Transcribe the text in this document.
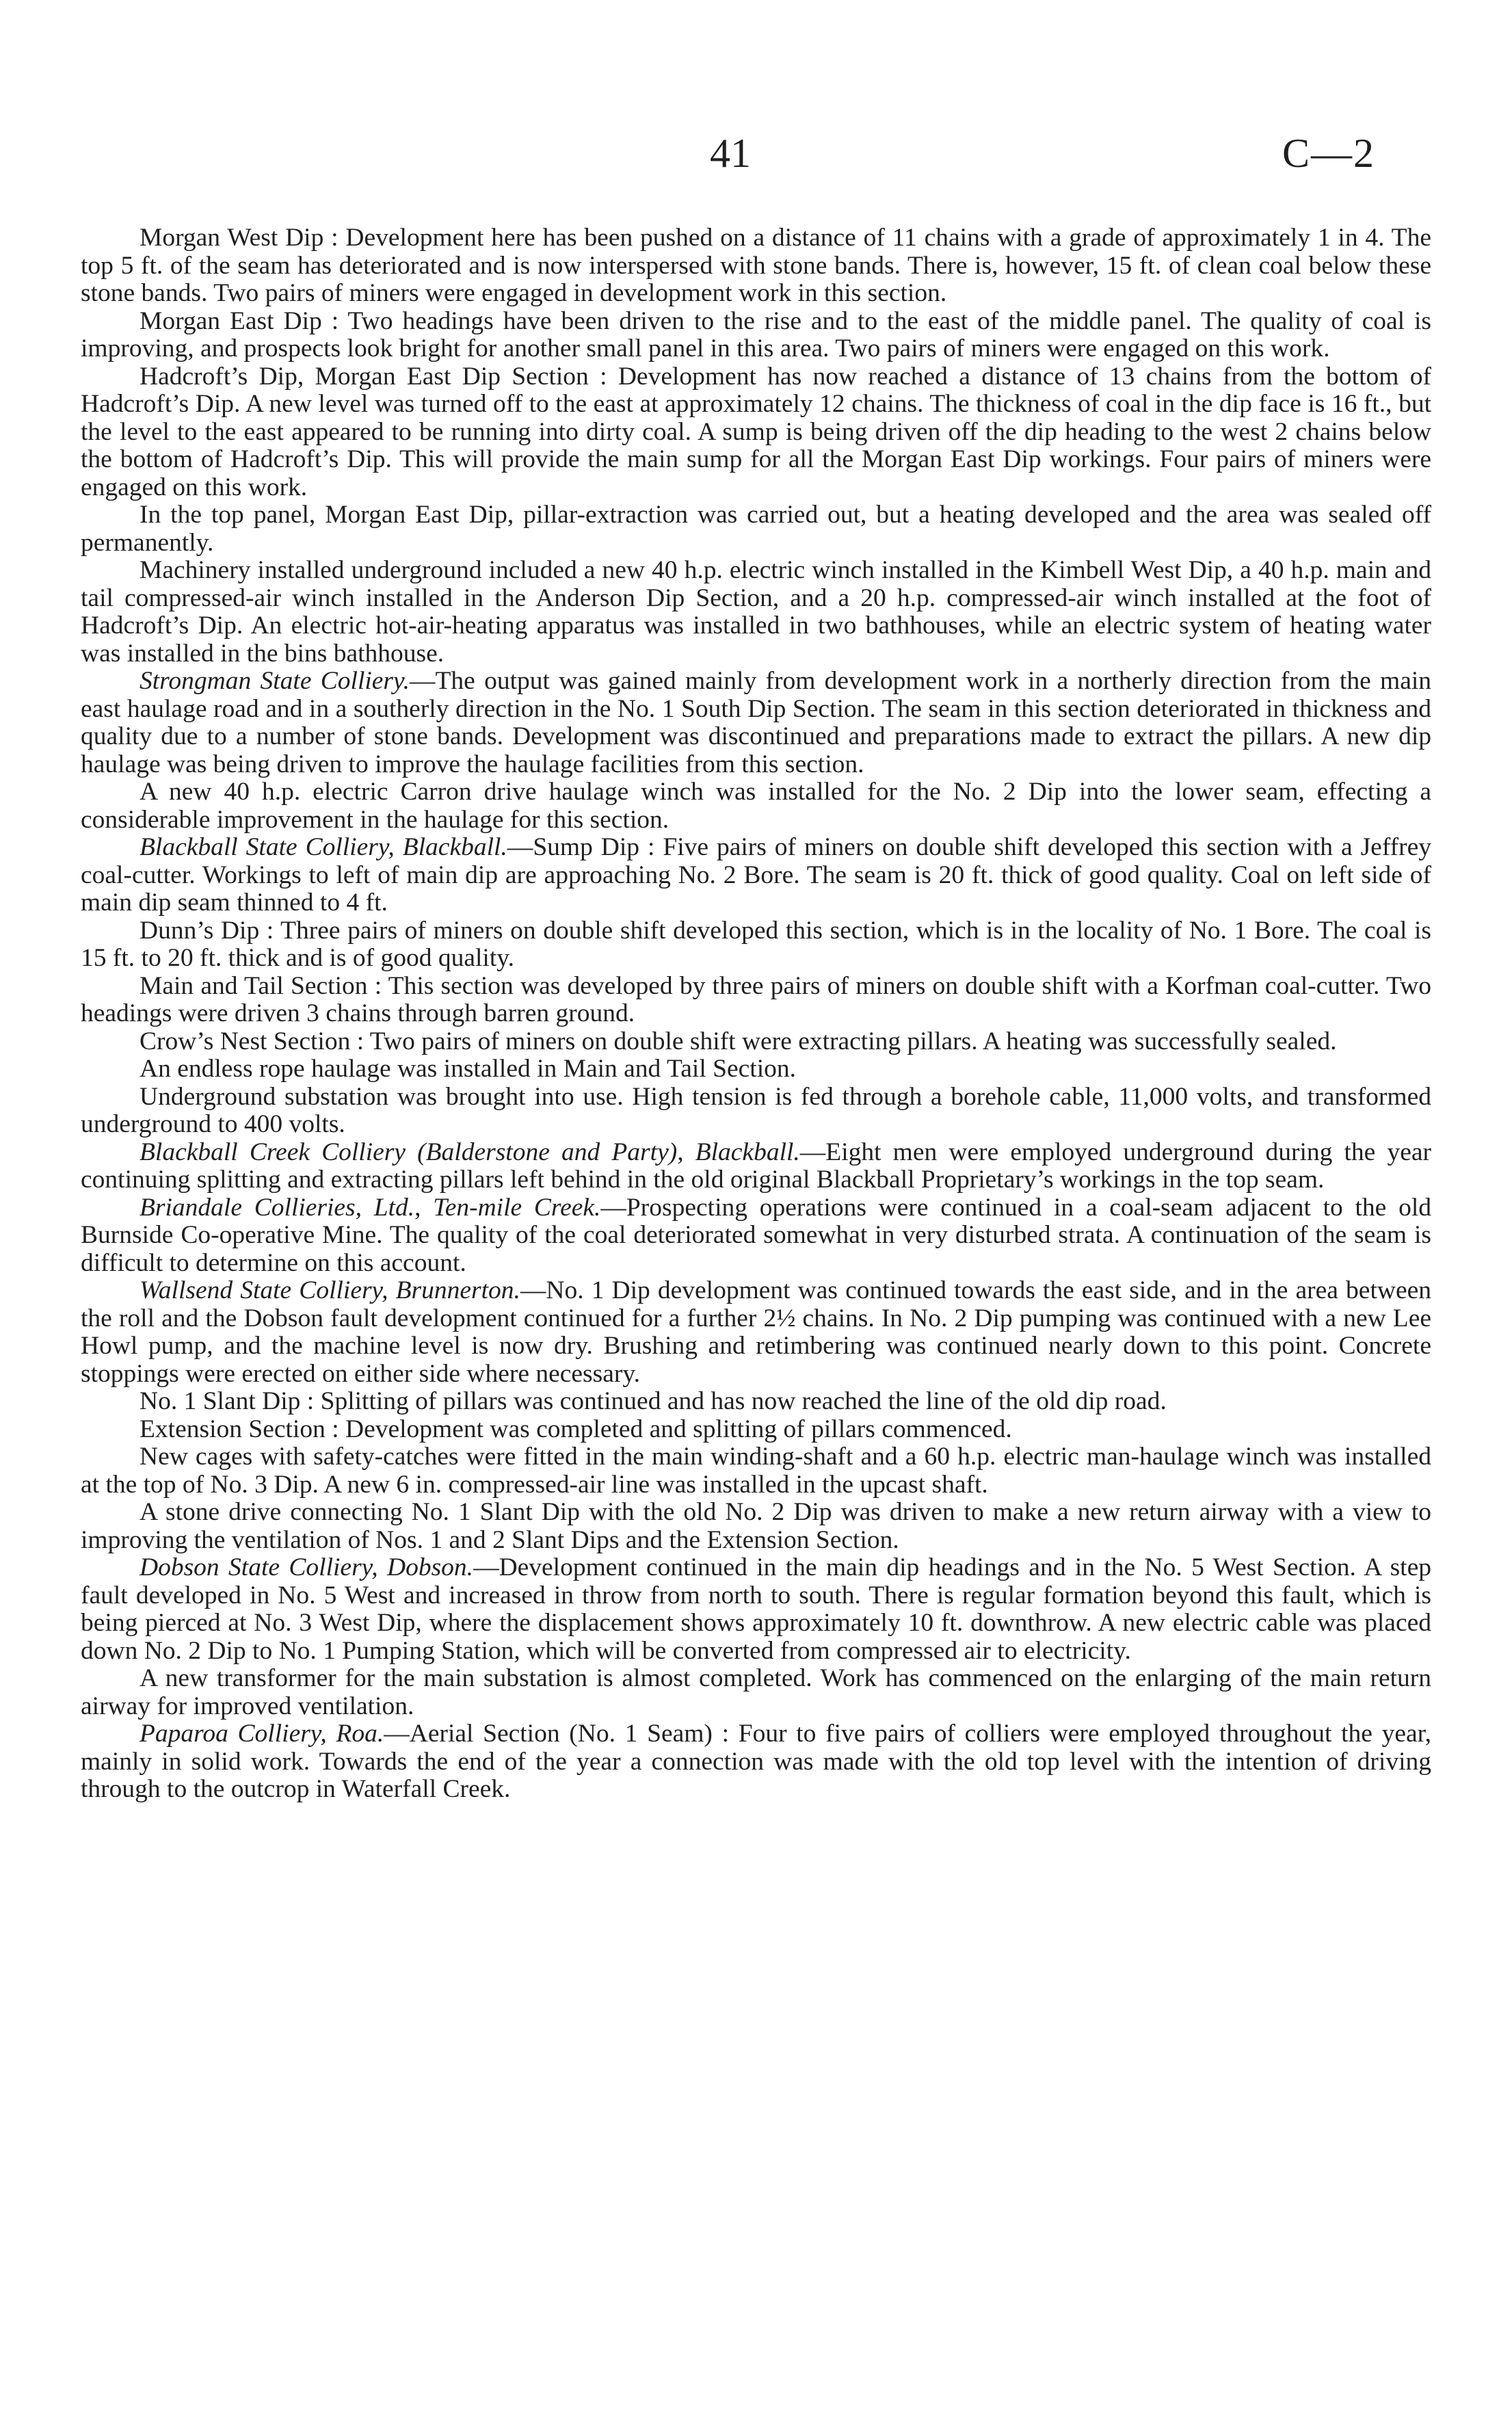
41	C—2

Morgan West Dip : Development here has been pushed on a distance of 11 chains with a grade of approximately 1 in 4. The top 5 ft. of the seam has deteriorated and is now interspersed with stone bands. There is, however, 15 ft. of clean coal below these stone bands. Two pairs of miners were engaged in development work in this section.

Morgan East Dip : Two headings have been driven to the rise and to the east of the middle panel. The quality of coal is improving, and prospects look bright for another small panel in this area. Two pairs of miners were engaged on this work.

Hadcroft’s Dip, Morgan East Dip Section : Development has now reached a distance of 13 chains from the bottom of Hadcroft’s Dip. A new level was turned off to the east at approximately 12 chains. The thickness of coal in the dip face is 16 ft., but the level to the east appeared to be running into dirty coal. A sump is being driven off the dip heading to the west 2 chains below the bottom of Hadcroft’s Dip. This will provide the main sump for all the Morgan East Dip workings. Four pairs of miners were engaged on this work.

In the top panel, Morgan East Dip, pillar-extraction was carried out, but a heating developed and the area was sealed off permanently.

Machinery installed underground included a new 40 h.p. electric winch installed in the Kimbell West Dip, a 40 h.p. main and tail compressed-air winch installed in the Anderson Dip Section, and a 20 h.p. compressed-air winch installed at the foot of Hadcroft’s Dip. An electric hot-air-heating apparatus was installed in two bathhouses, while an electric system of heating water was installed in the bins bathhouse.

Strongman State Colliery.—The output was gained mainly from development work in a northerly direction from the main east haulage road and in a southerly direction in the No. 1 South Dip Section. The seam in this section deteriorated in thickness and quality due to a number of stone bands. Development was discontinued and preparations made to extract the pillars. A new dip haulage was being driven to improve the haulage facilities from this section.

A new 40 h.p. electric Carron drive haulage winch was installed for the No. 2 Dip into the lower seam, effecting a considerable improvement in the haulage for this section.

Blackball State Colliery, Blackball.—Sump Dip : Five pairs of miners on double shift developed this section with a Jeffrey coal-cutter. Workings to left of main dip are approaching No. 2 Bore. The seam is 20 ft. thick of good quality. Coal on left side of main dip seam thinned to 4 ft.

Dunn’s Dip : Three pairs of miners on double shift developed this section, which is in the locality of No. 1 Bore. The coal is 15 ft. to 20 ft. thick and is of good quality.

Main and Tail Section : This section was developed by three pairs of miners on double shift with a Korfman coal-cutter. Two headings were driven 3 chains through barren ground.

Crow’s Nest Section : Two pairs of miners on double shift were extracting pillars. A heating was successfully sealed.

An endless rope haulage was installed in Main and Tail Section.

Underground substation was brought into use. High tension is fed through a borehole cable, 11,000 volts, and transformed underground to 400 volts.

Blackball Creek Colliery (Balderstone and Party), Blackball.—Eight men were employed underground during the year continuing splitting and extracting pillars left behind in the old original Blackball Proprietary’s workings in the top seam.

Briandale Collieries, Ltd., Ten-mile Creek.—Prospecting operations were continued in a coal-seam adjacent to the old Burnside Co-operative Mine. The quality of the coal deteriorated somewhat in very disturbed strata. A continuation of the seam is difficult to determine on this account.

Wallsend State Colliery, Brunnerton.—No. 1 Dip development was continued towards the east side, and in the area between the roll and the Dobson fault development continued for a further 2½ chains. In No. 2 Dip pumping was continued with a new Lee Howl pump, and the machine level is now dry. Brushing and retimbering was continued nearly down to this point. Concrete stoppings were erected on either side where necessary.

No. 1 Slant Dip : Splitting of pillars was continued and has now reached the line of the old dip road.

Extension Section : Development was completed and splitting of pillars commenced.

New cages with safety-catches were fitted in the main winding-shaft and a 60 h.p. electric man-haulage winch was installed at the top of No. 3 Dip. A new 6 in. compressed-air line was installed in the upcast shaft.

A stone drive connecting No. 1 Slant Dip with the old No. 2 Dip was driven to make a new return airway with a view to improving the ventilation of Nos. 1 and 2 Slant Dips and the Extension Section.

Dobson State Colliery, Dobson.—Development continued in the main dip headings and in the No. 5 West Section. A step fault developed in No. 5 West and increased in throw from north to south. There is regular formation beyond this fault, which is being pierced at No. 3 West Dip, where the displacement shows approximately 10 ft. downthrow. A new electric cable was placed down No. 2 Dip to No. 1 Pumping Station, which will be converted from compressed air to electricity.

A new transformer for the main substation is almost completed. Work has commenced on the enlarging of the main return airway for improved ventilation.

Paparoa Colliery, Roa.—Aerial Section (No. 1 Seam) : Four to five pairs of colliers were employed throughout the year, mainly in solid work. Towards the end of the year a connection was made with the old top level with the intention of driving through to the outcrop in Waterfall Creek.
